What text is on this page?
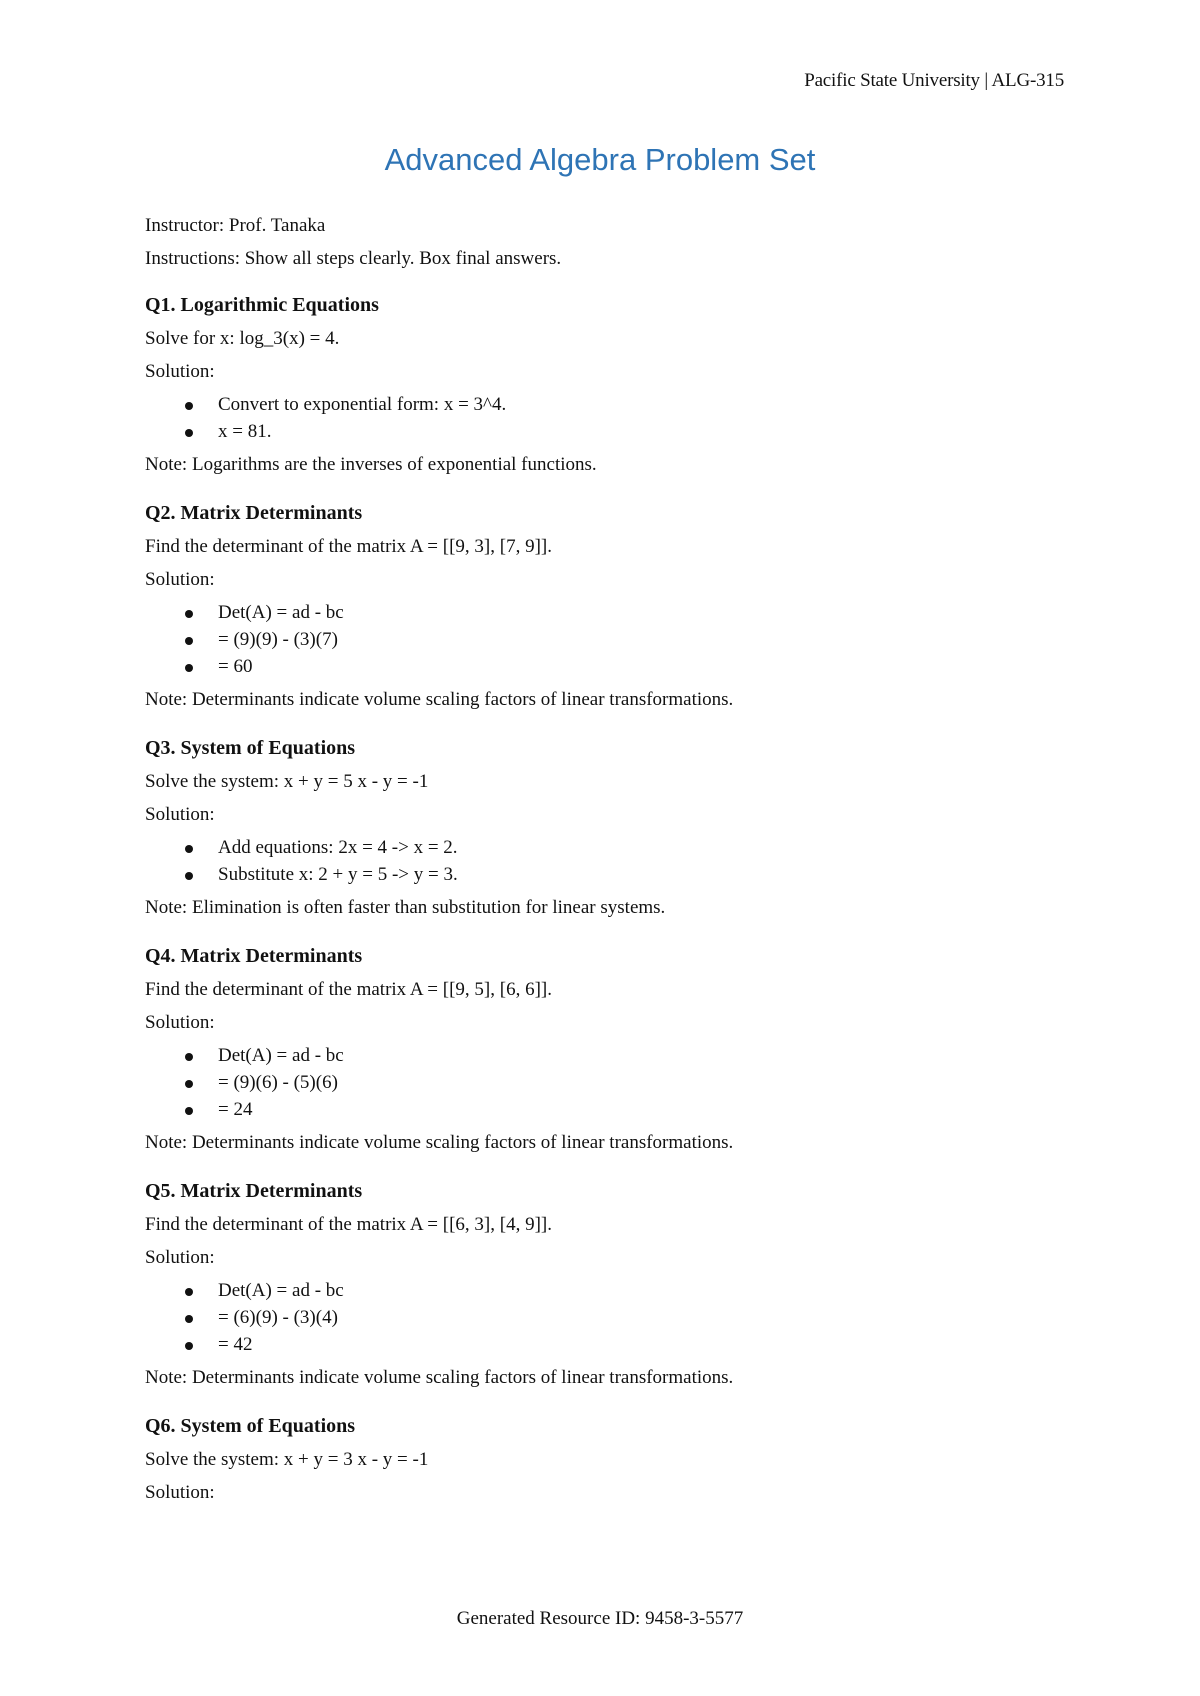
Pacific State University | ALG-315
Advanced Algebra Problem Set

Instructor: Prof. Tanaka

Instructions: Show all steps clearly. Box final answers.

Q1. Logarithmic Equations

Solve for x: log_3(x) = 4.

Solution:

Convert to exponential form: x = 3^4.
x = 81.

Note: Logarithms are the inverses of exponential functions.

Q2. Matrix Determinants

Find the determinant of the matrix A = [[9, 3], [7, 9]].

Solution:

Det(A) = ad - bc
= (9)(9) - (3)(7)
= 60

Note: Determinants indicate volume scaling factors of linear transformations.

Q3. System of Equations

Solve the system: x + y = 5 x - y = -1

Solution:

Add equations: 2x = 4 -> x = 2.
Substitute x: 2 + y = 5 -> y = 3.

Note: Elimination is often faster than substitution for linear systems.

Q4. Matrix Determinants

Find the determinant of the matrix A = [[9, 5], [6, 6]].

Solution:

Det(A) = ad - bc
= (9)(6) - (5)(6)
= 24

Note: Determinants indicate volume scaling factors of linear transformations.

Q5. Matrix Determinants

Find the determinant of the matrix A = [[6, 3], [4, 9]].

Solution:

Det(A) = ad - bc
= (6)(9) - (3)(4)
= 42

Note: Determinants indicate volume scaling factors of linear transformations.

Q6. System of Equations

Solve the system: x + y = 3 x - y = -1

Solution:

Generated Resource ID: 9458-3-5577
